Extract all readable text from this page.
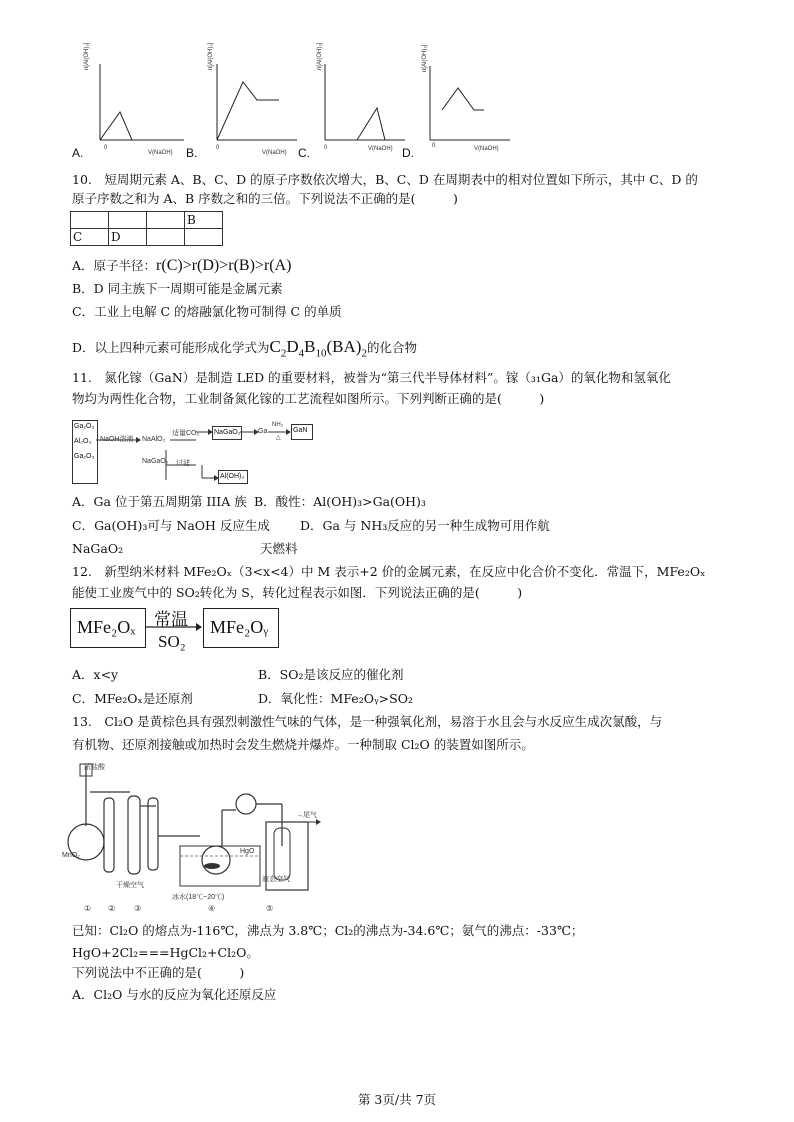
A.
n[Al(OH)₃]
0
V(NaOH) B.
n[Al(OH)₃]
0
V(NaOH) C.
n[Al(OH)₃]
0	V(NaOH) D.
n[Al(OH)₃]
0	V(NaOH)
10.　短周期元素 A、B、C、D 的原子序数依次增大，B、C、D 在周期表中的相对位置如下所示，其中 C、D 的
原子序数之和为 A、B 序数之和的三倍。下列说法不正确的是(　　　)
			B
C	D		
A．原子半径：r(C)>r(D)>r(B)>r(A)
B．D 同主族下一周期可能是金属元素
C．工业上电解 C 的熔融氯化物可制得 C 的单质
D．以上四种元素可能形成化学式为$C_2D_4B_{10}(BA)_2$的化合物
11.　氮化镓（GaN）是制造 LED 的重要材料，被誉为“第三代半导体材料”。镓（₃₁Ga）的氧化物和氢氧化
物均为两性化合物，工业制备氮化镓的工艺流程如图所示。下列判断正确的是(　　　)
Ga₂O₃
Al₂O₃
Ga₂O₃
NaOH溶液 NaAlO₂
NaGaO₂
适量CO₂
过滤
NaGaO₂
Al(OH)₃
Ga
NH₃
△
GaN
A．Ga 位于第五周期第 IIIA 族 B．酸性：Al(OH)₃>Ga(OH)₃
C．Ga(OH)₃可与 NaOH 反应生成 D．Ga 与 NH₃反应的另一种生成物可用作航
NaGaO₂	天燃料
12.　新型纳米材料 MFe₂Oₓ（3<x<4）中 M 表示+2 价的金属元素，在反应中化合价不变化．常温下，MFe₂Oₓ
能使工业废气中的 SO₂转化为 S，转化过程表示如图．下列说法正确的是(　　　)
MFe₂Oₓ 常温
SO₂
MFe₂Oᵧ
A．x<y	B．SO₂是该反应的催化剂
C．MFe₂Oₓ是还原剂	D．氧化性：MFe₂Oᵧ>SO₂
13.　Cl₂O 是黄棕色具有强烈刺激性气味的气体，是一种强氧化剂，易溶于水且会与水反应生成次氯酸，与
有机物、还原剂接触或加热时会发生燃烧并爆炸。一种制取 Cl₂O 的装置如图所示。
浓盐酸
MnO₂
干燥空气
HgO
冰水(18℃~20℃)
→尾气
液态空气
① ② ③	④	⑤
已知：Cl₂O 的熔点为-116℃，沸点为 3.8℃；Cl₂的沸点为-34.6℃；氨气的沸点：-33℃；
HgO+2Cl₂===HgCl₂+Cl₂O。
下列说法中不正确的是(　　　)
A．Cl₂O 与水的反应为氧化还原反应
第 3页/共 7页
